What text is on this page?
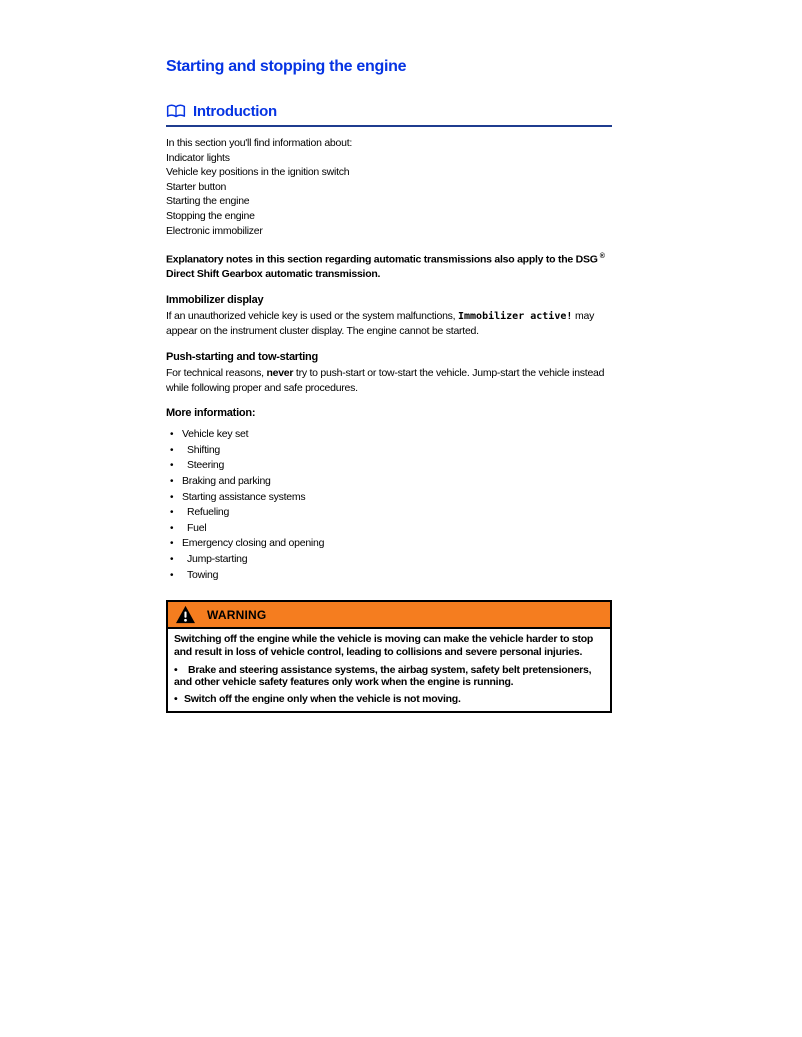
Starting and stopping the engine
Introduction
In this section you'll find information about:
Indicator lights
Vehicle key positions in the ignition switch
Starter button
Starting the engine
Stopping the engine
Electronic immobilizer

Explanatory notes in this section regarding automatic transmissions also apply to the DSG ® Direct Shift Gearbox automatic transmission.

Immobilizer display

If an unauthorized vehicle key is used or the system malfunctions, Immobilizer active! may appear on the instrument cluster display. The engine cannot be started.

Push-starting and tow-starting

For technical reasons, never try to push-start or tow-start the vehicle. Jump-start the vehicle instead while following proper and safe procedures.

More information:
• Vehicle key set
•	Shifting
•	Steering
• Braking and parking
• Starting assistance systems
•	Refueling
•	Fuel
• Emergency closing and opening
•	Jump-starting
•	Towing
WARNING

Switching off the engine while the vehicle is moving can make the vehicle harder to stop and result in loss of vehicle control, leading to collisions and severe personal injuries.

• Brake and steering assistance systems, the airbag system, safety belt pretensioners, and other vehicle safety features only work when the engine is running.

• Switch off the engine only when the vehicle is not moving.
